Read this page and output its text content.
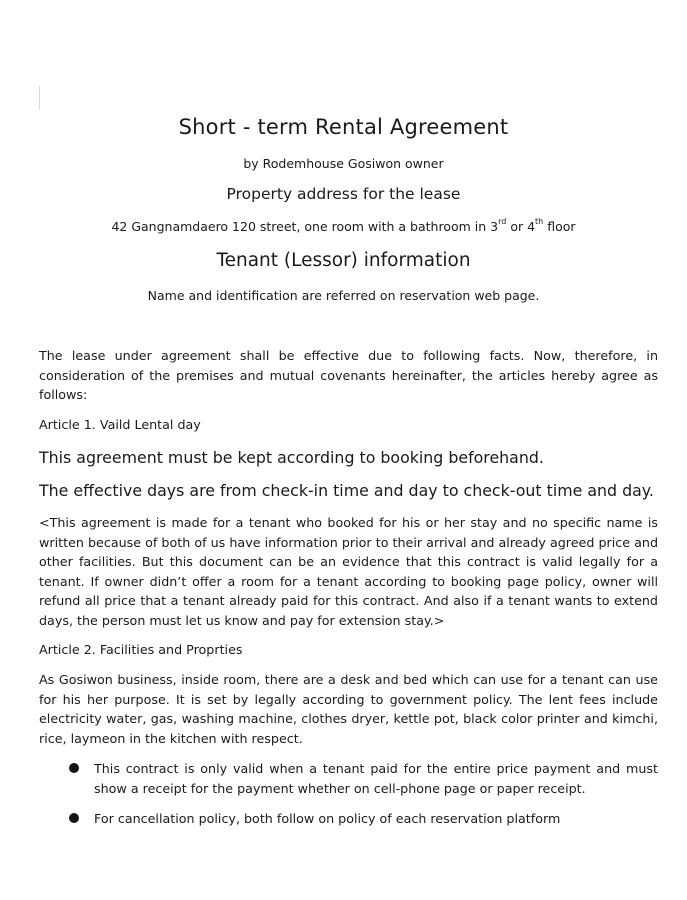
Short - term Rental Agreement
by Rodemhouse Gosiwon owner
Property address for the lease
42 Gangnamdaero 120 street, one room with a bathroom in 3rd or 4th floor
Tenant (Lessor) information
Name and identification are referred on reservation web page.
The lease under agreement shall be effective due to following facts. Now, therefore, in consideration of the premises and mutual covenants hereinafter, the articles hereby agree as follows:
Article 1. Vaild Lental day
This agreement must be kept according to booking beforehand.
The effective days are from check-in time and day to check-out time and day.
<This agreement is made for a tenant who booked for his or her stay and no specific name is written because of both of us have information prior to their arrival and already agreed price and other facilities. But this document can be an evidence that this contract is valid legally for a tenant. If owner didn’t offer a room for a tenant according to booking page policy, owner will refund all price that a tenant already paid for this contract. And also if a tenant wants to extend days, the person must let us know and pay for extension stay.>
Article 2. Facilities and Proprties
As Gosiwon business, inside room, there are a desk and bed which can use for a tenant can use for his her purpose. It is set by legally according to government policy. The lent fees include electricity water, gas, washing machine, clothes dryer, kettle pot, black color printer and kimchi, rice, laymeon in the kitchen with respect.
This contract is only valid when a tenant paid for the entire price payment and must show a receipt for the payment whether on cell-phone page or paper receipt.
For cancellation policy, both follow on policy of each reservation platform
